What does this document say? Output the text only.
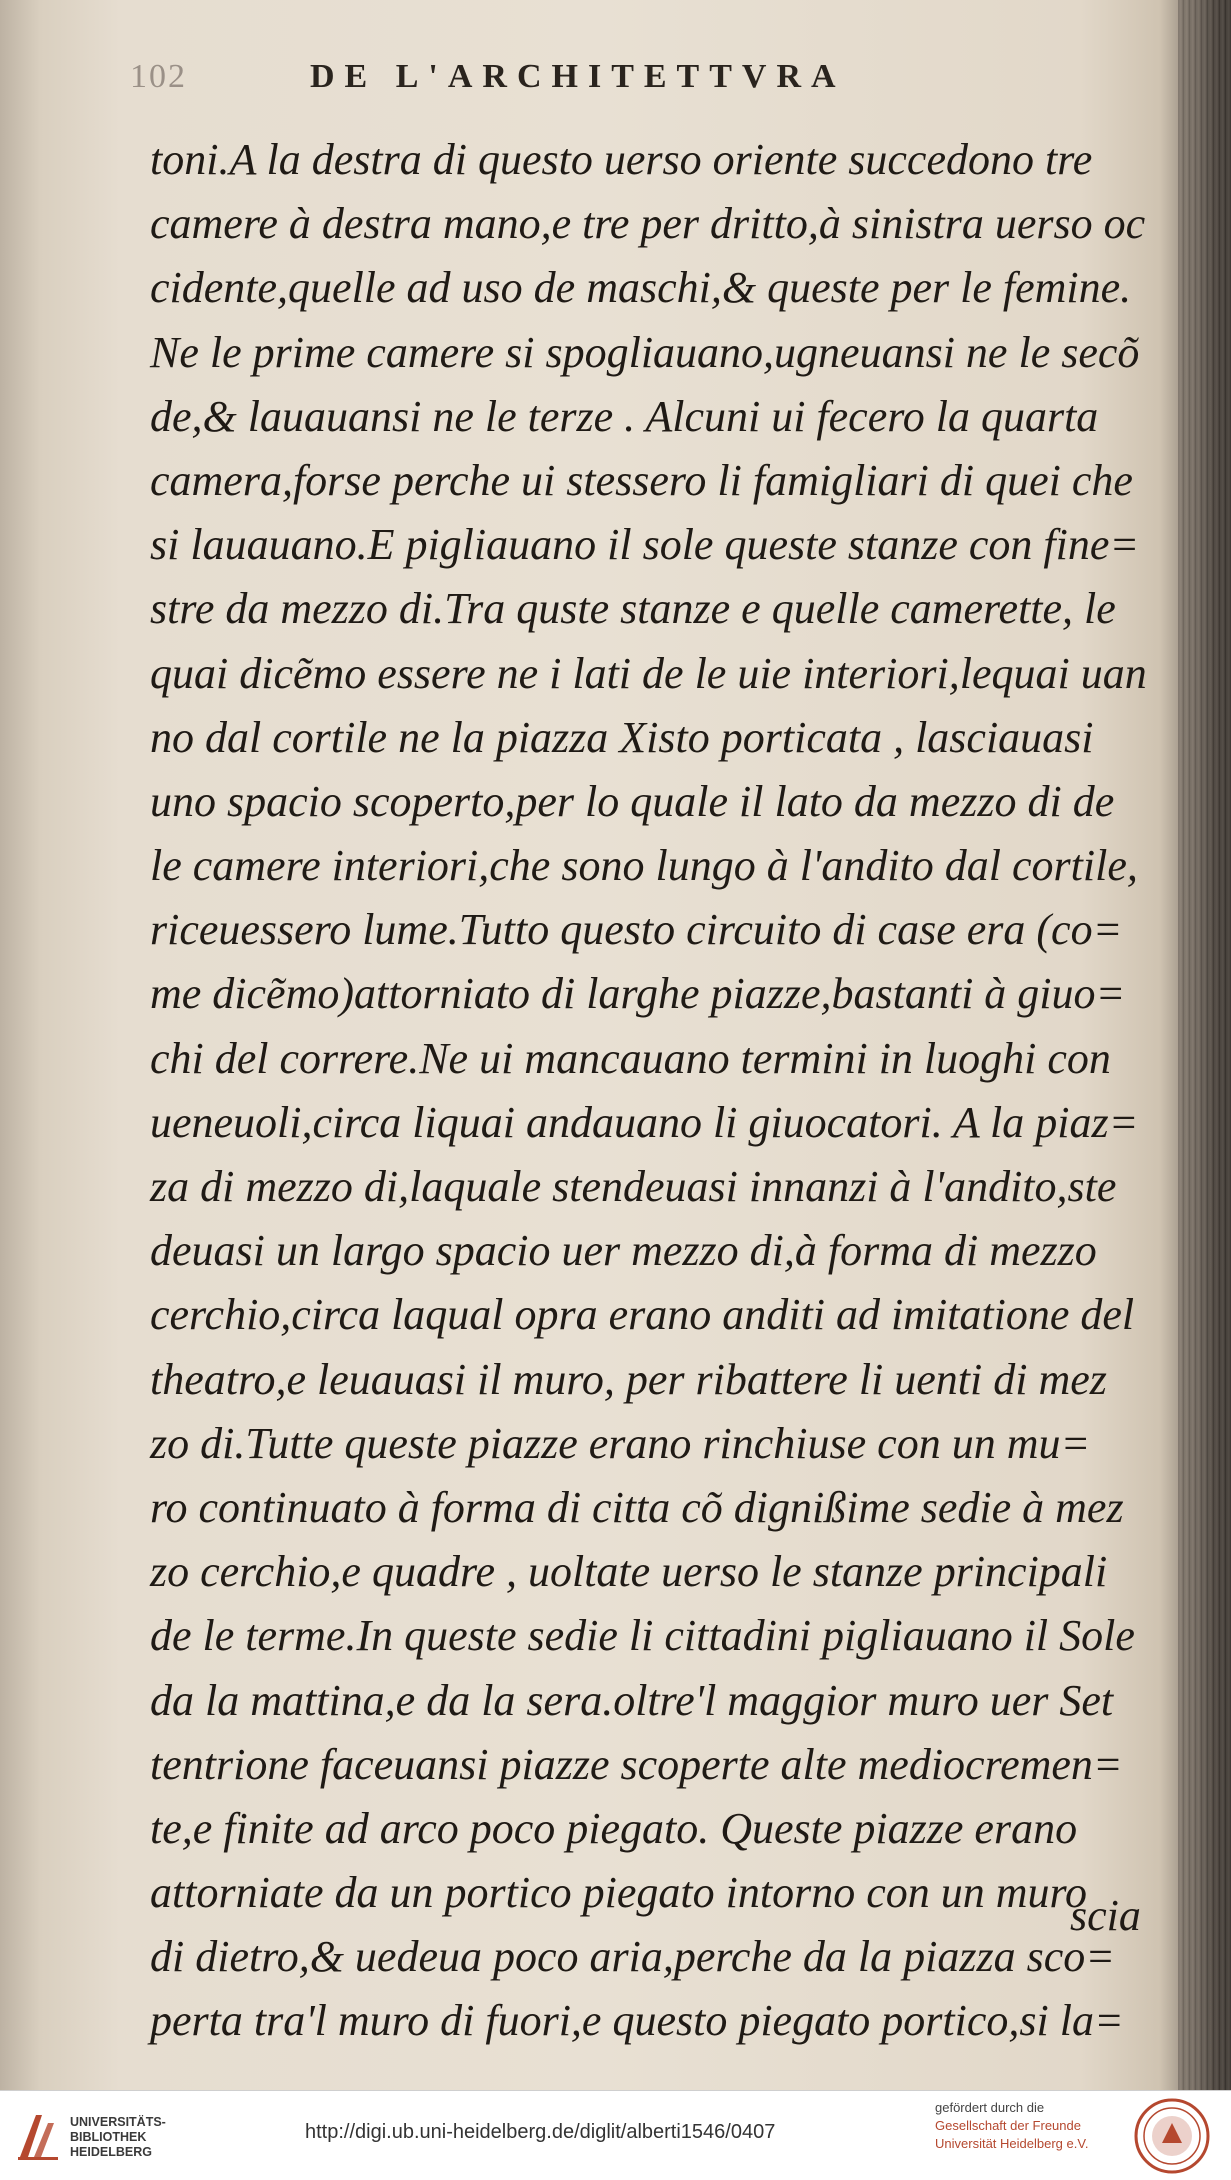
102	DE L'ARCHITETTVRA
toni.A la destra di questo uerso oriente succedono tre
camere à destra mano,e tre per dritto,à sinistra uerso oc
cidente,quelle ad uso de maschi,& queste per le femine.
Ne le prime camere si spogliauano,ugneuansi ne le secõ
de,& lauauansi ne le terze . Alcuni ui fecero la quarta
camera,forse perche ui stessero li famigliari di quei che
si lauauano.E pigliauano il sole queste stanze con fine=
stre da mezzo di.Tra quste stanze e quelle camerette, le
quai dicẽmo essere ne i lati de le uie interiori,lequai uan
no dal cortile ne la piazza Xisto porticata , lasciauasi
uno spacio scoperto,per lo quale il lato da mezzo di de
le camere interiori,che sono lungo à l'andito dal cortile,
riceuessero lume.Tutto questo circuito di case era (co=
me dicẽmo)attorniato di larghe piazze,bastanti à giuo=
chi del correre.Ne ui mancauano termini in luoghi con
ueneuoli,circa liquai andauano li giuocatori. A la piaz=
za di mezzo di,laquale stendeuasi innanzi à l'andito,ste
deuasi un largo spacio uer mezzo di,à forma di mezzo
cerchio,circa laqual opra erano anditi ad imitatione del
theatro,e leuauasi il muro, per ribattere li uenti di mez
zo di.Tutte queste piazze erano rinchiuse con un mu=
ro continuato à forma di citta cõ dignißime sedie à mez
zo cerchio,e quadre , uoltate uerso le stanze principali
de le terme.In queste sedie li cittadini pigliauano il Sole
da la mattina,e da la sera.oltre'l maggior muro uer Set
tentrione faceuansi piazze scoperte alte mediocremen=
te,e finite ad arco poco piegato. Queste piazze erano
attorniate da un portico piegato intorno con un muro
di dietro,& uedeua poco aria,perche da la piazza sco=
perta tra'l muro di fuori,e questo piegato portico,si la=
scia
UNIVERSITÄTS-
BIBLIOTHEK
HEIDELBERG
http://digi.ub.uni-heidelberg.de/diglit/alberti1546/0407
gefördert durch die
Gesellschaft der Freunde
Universität Heidelberg e.V.
